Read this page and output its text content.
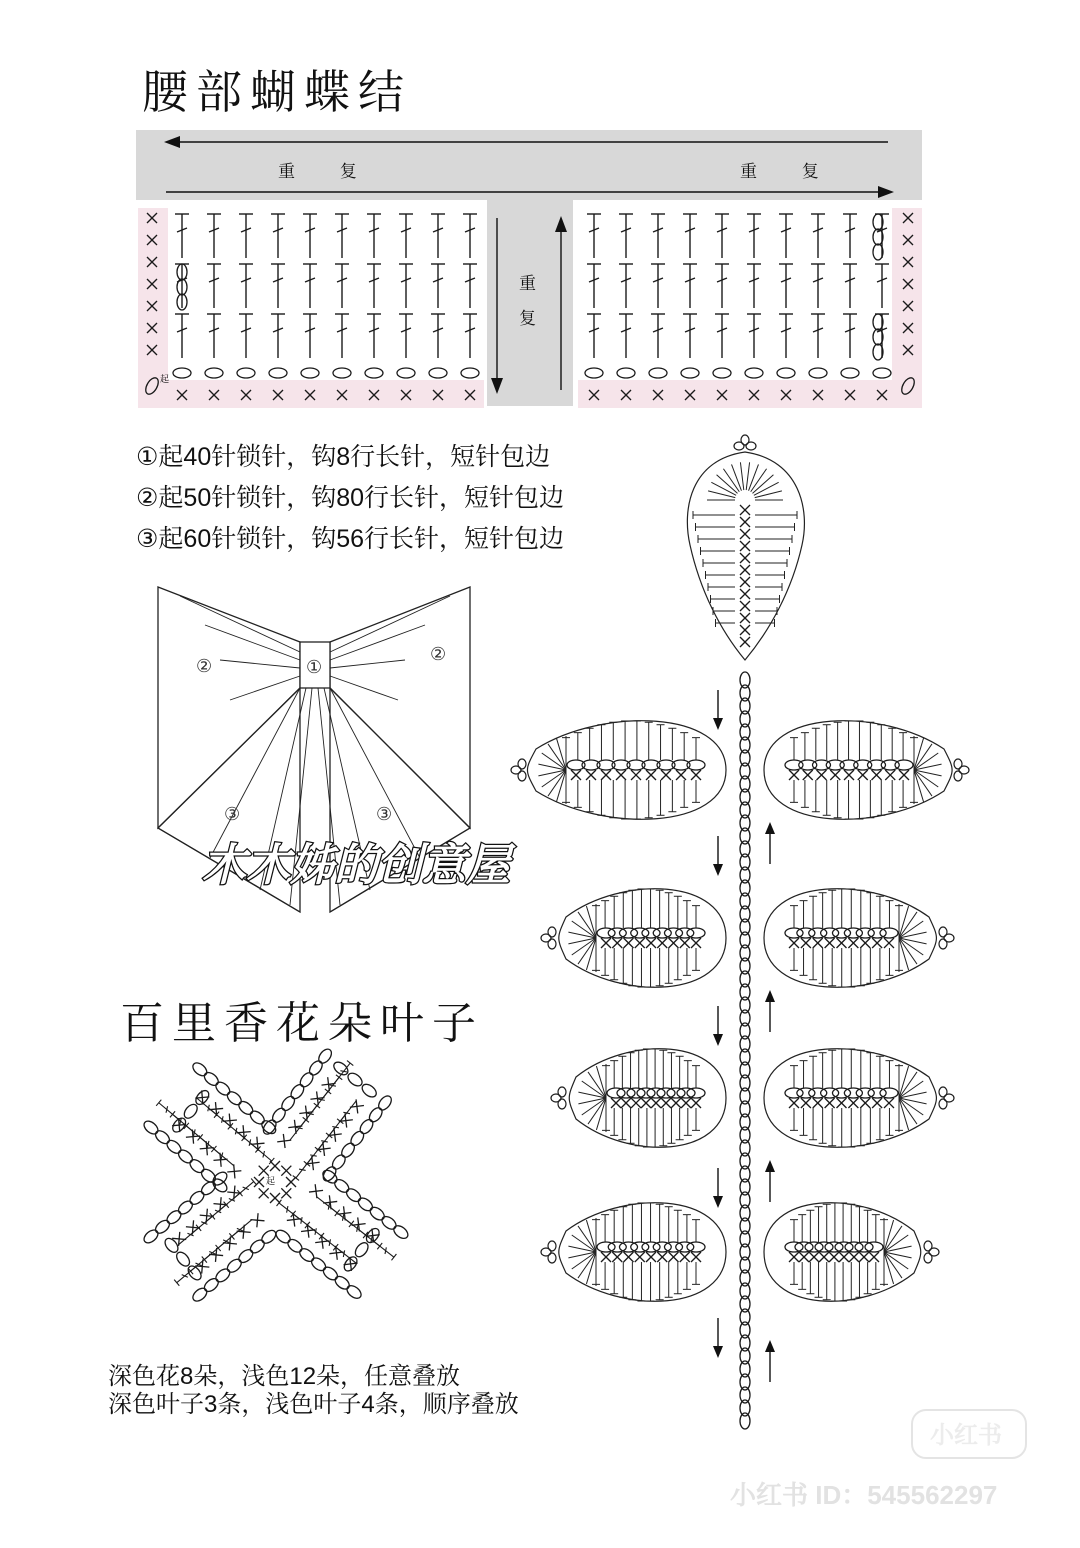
腰部蝴蝶结
重 复	重 复
重
复
起
①起40针锁针，钩8行长针，短针包边
②起50针锁针，钩80行长针，短针包边
③起60针锁针，钩56行长针，短针包边
①
②
②
③	③
木木姊的创意屋
百里香花朵叶子
起
深色花8朵，浅色12朵，任意叠放
深色叶子3条，浅色叶子4条，顺序叠放
小红书
小红书 ID：545562297
